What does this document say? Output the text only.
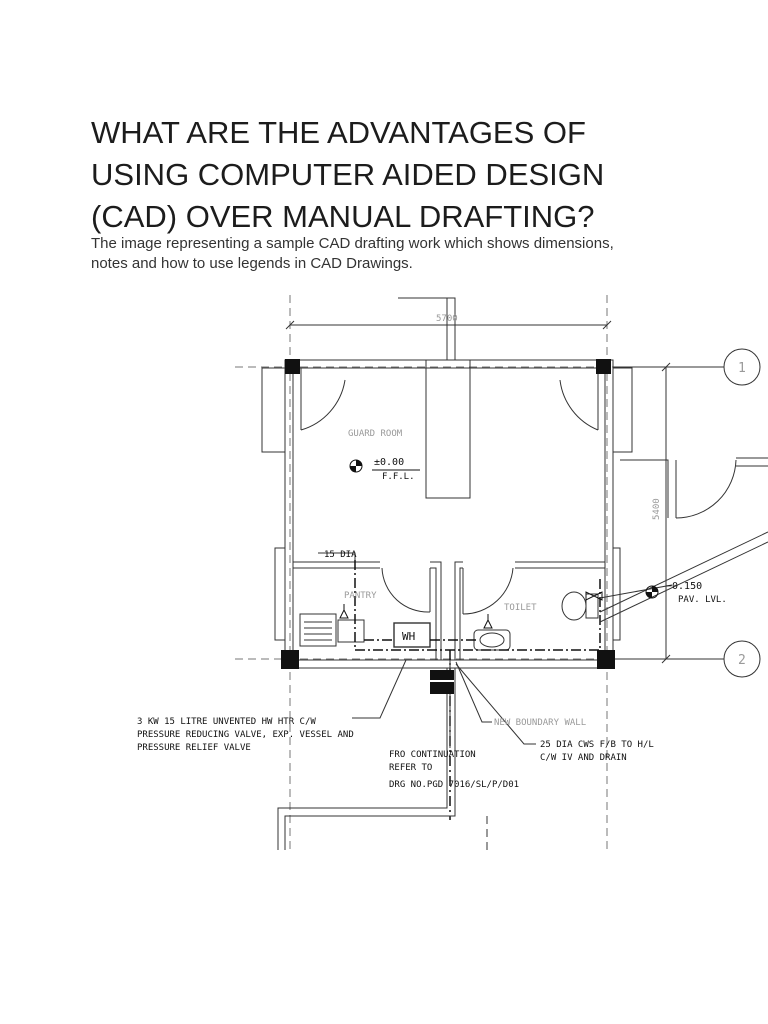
WHAT ARE THE ADVANTAGES OF
USING COMPUTER AIDED DESIGN
(CAD) OVER MANUAL DRAFTING?

The image representing a sample CAD drafting work which shows dimensions,
notes and how to use legends in CAD Drawings.

5700
5400
1
2
GUARD ROOM
PANTRY
TOILET
±0.00
F.F.L.
−0.150
PAV. LVL.
WH
15 DIA
3 KW 15 LITRE UNVENTED HW HTR C/W
PRESSURE REDUCING VALVE, EXP. VESSEL AND
PRESSURE RELIEF VALVE
NEW BOUNDARY WALL
25 DIA CWS F/B TO H/L
C/W IV AND DRAIN
FRO CONTINUATION
REFER TO
DRG NO.PGD 7016/SL/P/D01
